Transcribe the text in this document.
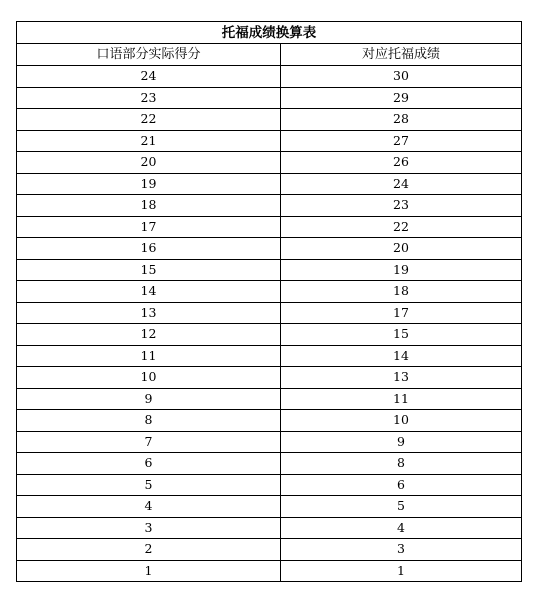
托福成绩换算表	
口语部分实际得分	对应托福成绩
24	30
23	29
22	28
21	27
20	26
19	24
18	23
17	22
16	20
15	19
14	18
13	17
12	15
11	14
10	13
9	11
8	10
7	9
6	8
5	6
4	5
3	4
2	3
1	1
